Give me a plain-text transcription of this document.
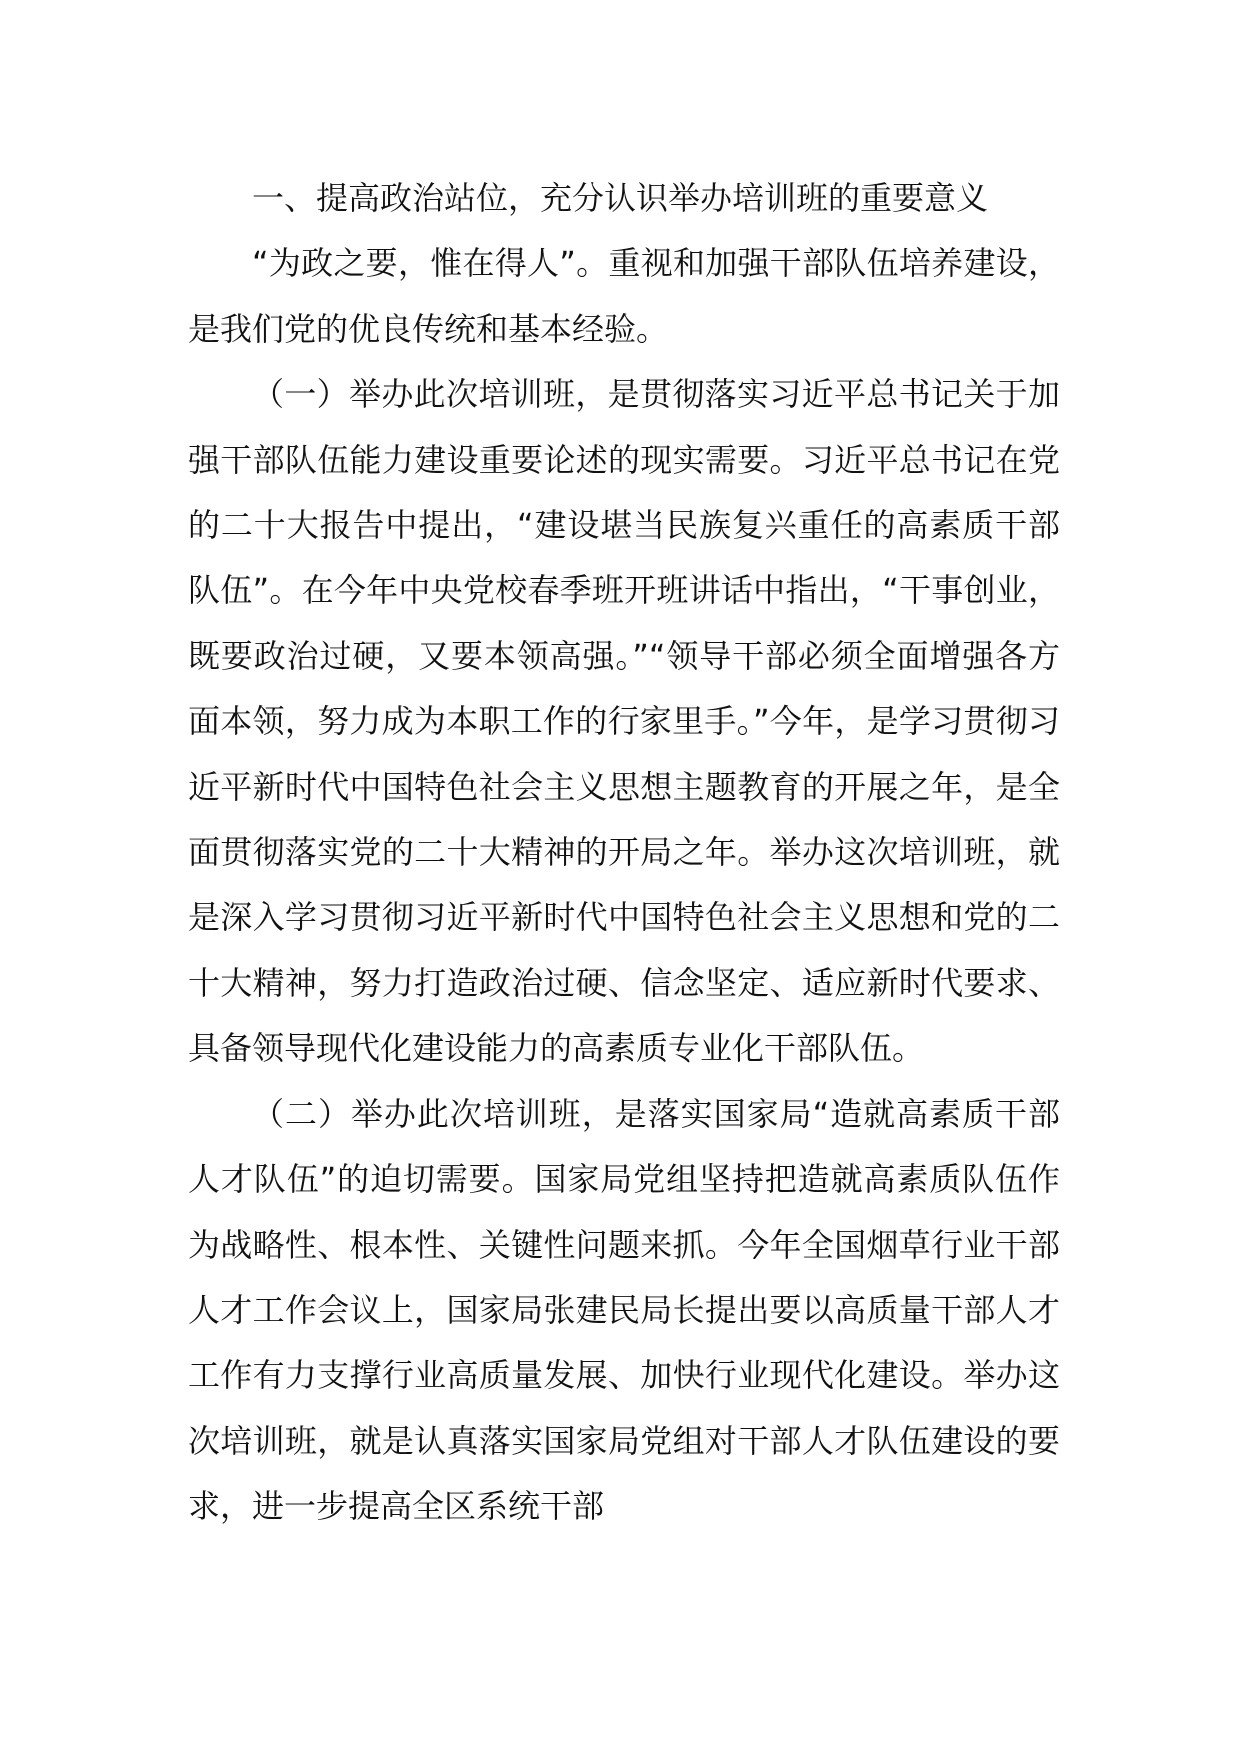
一、提高政治站位，充分认识举办培训班的重要意义

“为政之要，惟在得人”。重视和加强干部队伍培养建设，是我们党的优良传统和基本经验。

（一）举办此次培训班，是贯彻落实习近平总书记关于加强干部队伍能力建设重要论述的现实需要。习近平总书记在党的二十大报告中提出，“建设堪当民族复兴重任的高素质干部队伍”。在今年中央党校春季班开班讲话中指出，“干事创业，既要政治过硬，又要本领高强。”“领导干部必须全面增强各方面本领，努力成为本职工作的行家里手。”今年，是学习贯彻习近平新时代中国特色社会主义思想主题教育的开展之年，是全面贯彻落实党的二十大精神的开局之年。举办这次培训班，就是深入学习贯彻习近平新时代中国特色社会主义思想和党的二十大精神，努力打造政治过硬、信念坚定、适应新时代要求、具备领导现代化建设能力的高素质专业化干部队伍。

（二）举办此次培训班，是落实国家局“造就高素质干部人才队伍”的迫切需要。国家局党组坚持把造就高素质队伍作为战略性、根本性、关键性问题来抓。今年全国烟草行业干部人才工作会议上，国家局张建民局长提出要以高质量干部人才工作有力支撑行业高质量发展、加快行业现代化建设。举办这次培训班，就是认真落实国家局党组对干部人才队伍建设的要求，进一步提高全区系统干部
